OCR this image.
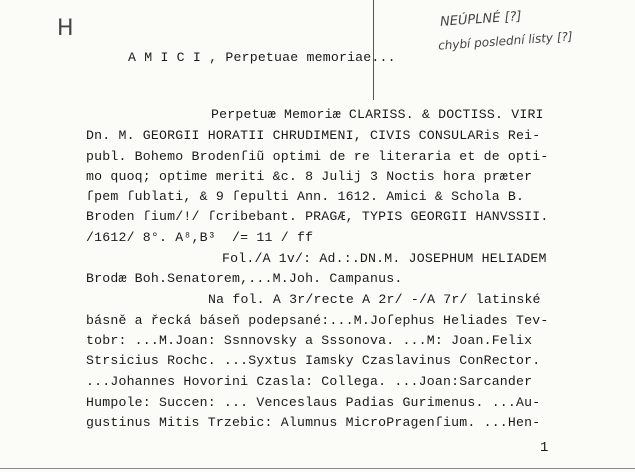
H	NEÚPLNÉ [?]
chybí poslední listy [?]
A M I C I , Perpetuae memoriae...
Perpetuæ Memoriæ CLARISS. & DOCTISS. VIRI
Dn. M. GEORGII HORATII CHRUDIMENI, CIVIS CONSULARis Rei-
publ. Bohemo Brodenſiũ optimi de re literaria et de opti-
mo quoq; optime meriti &c. 8 Julij 3 Noctis hora præter
ſpem ſublati, & 9 ſepulti Ann. 1612. Amici & Schola B.
Broden ſium/!/ ſcribebant. PRAGÆ, TYPIS GEORGII HANVSSII.
/1612/ 8°. A⁸,B³  /= 11 / ff
Fol./A 1v/: Ad.:.DN.M. JOSEPHUM HELIADEM
Brodæ Boh.Senatorem,...M.Joh. Campanus.
Na fol. A 3r/recte A 2r/ -/A 7r/ latinské
básně a řecká báseň podepsané:...M.Joſephus Heliades Tev-
tobr: ...M.Joan: Ssnnovsky a Sssonova. ...M: Joan.Felix
Strsicius Rochc. ...Syxtus Iamsky Czaslavinus ConRector.
...Johannes Hovorini Czasla: Collega. ...Joan:Sarcander
Humpole: Succen: ... Venceslaus Padias Gurimenus. ...Au-
gustinus Mitis Trzebic: Alumnus MicroPragenſium. ...Hen-
1
